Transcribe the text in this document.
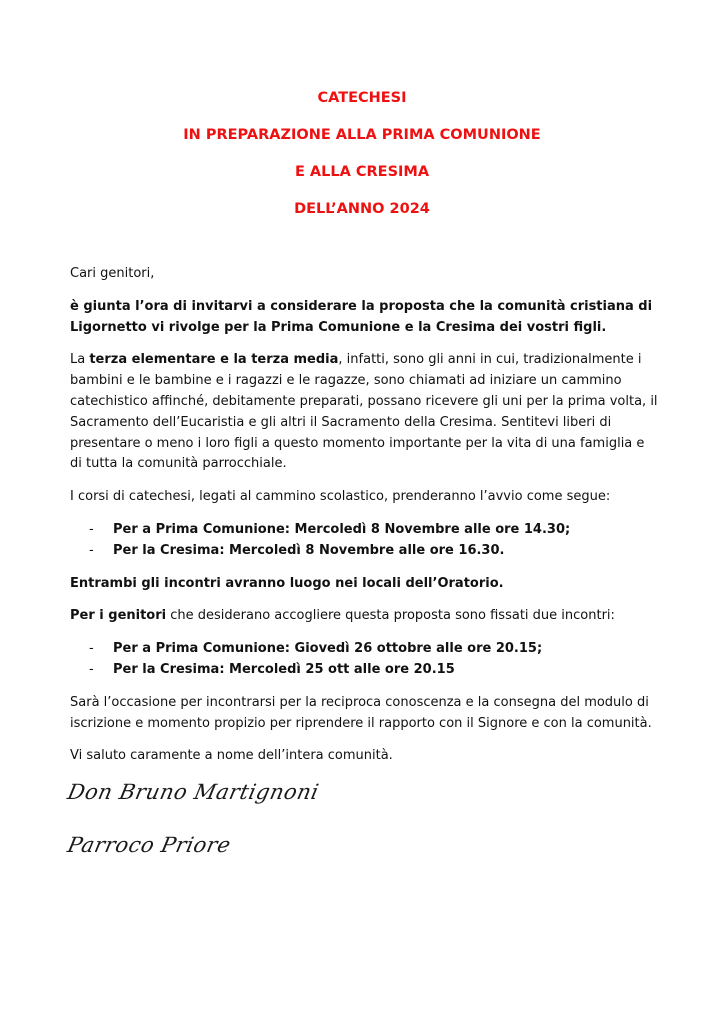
CATECHESI
IN PREPARAZIONE ALLA PRIMA COMUNIONE
E ALLA CRESIMA
DELL’ANNO 2024

Cari genitori,

è giunta l’ora di invitarvi a considerare la proposta che la comunità cristiana di Ligornetto vi rivolge per la Prima Comunione e la Cresima dei vostri figli.

La terza elementare e la terza media, infatti, sono gli anni in cui, tradizionalmente i bambini e le bambine e i ragazzi e le ragazze, sono chiamati ad iniziare un cammino catechistico affinché, debitamente preparati, possano ricevere gli uni per la prima volta, il Sacramento dell’Eucaristia e gli altri il Sacramento della Cresima. Sentitevi liberi di presentare o meno i loro figli a questo momento importante per la vita di una famiglia e di tutta la comunità parrocchiale.

I corsi di catechesi, legati al cammino scolastico, prenderanno l’avvio come segue:

- Per a Prima Comunione: Mercoledì 8 Novembre alle ore 14.30;
- Per la Cresima: Mercoledì 8 Novembre alle ore 16.30.

Entrambi gli incontri avranno luogo nei locali dell’Oratorio.

Per i genitori che desiderano accogliere questa proposta sono fissati due incontri:

- Per a Prima Comunione: Giovedì 26 ottobre alle ore 20.15;
- Per la Cresima: Mercoledì 25 ott alle ore 20.15

Sarà l’occasione per incontrarsi per la reciproca conoscenza e la consegna del modulo di iscrizione e momento propizio per riprendere il rapporto con il Signore e con la comunità.

Vi saluto caramente a nome dell’intera comunità.

Don Bruno Martignoni
Parroco Priore
